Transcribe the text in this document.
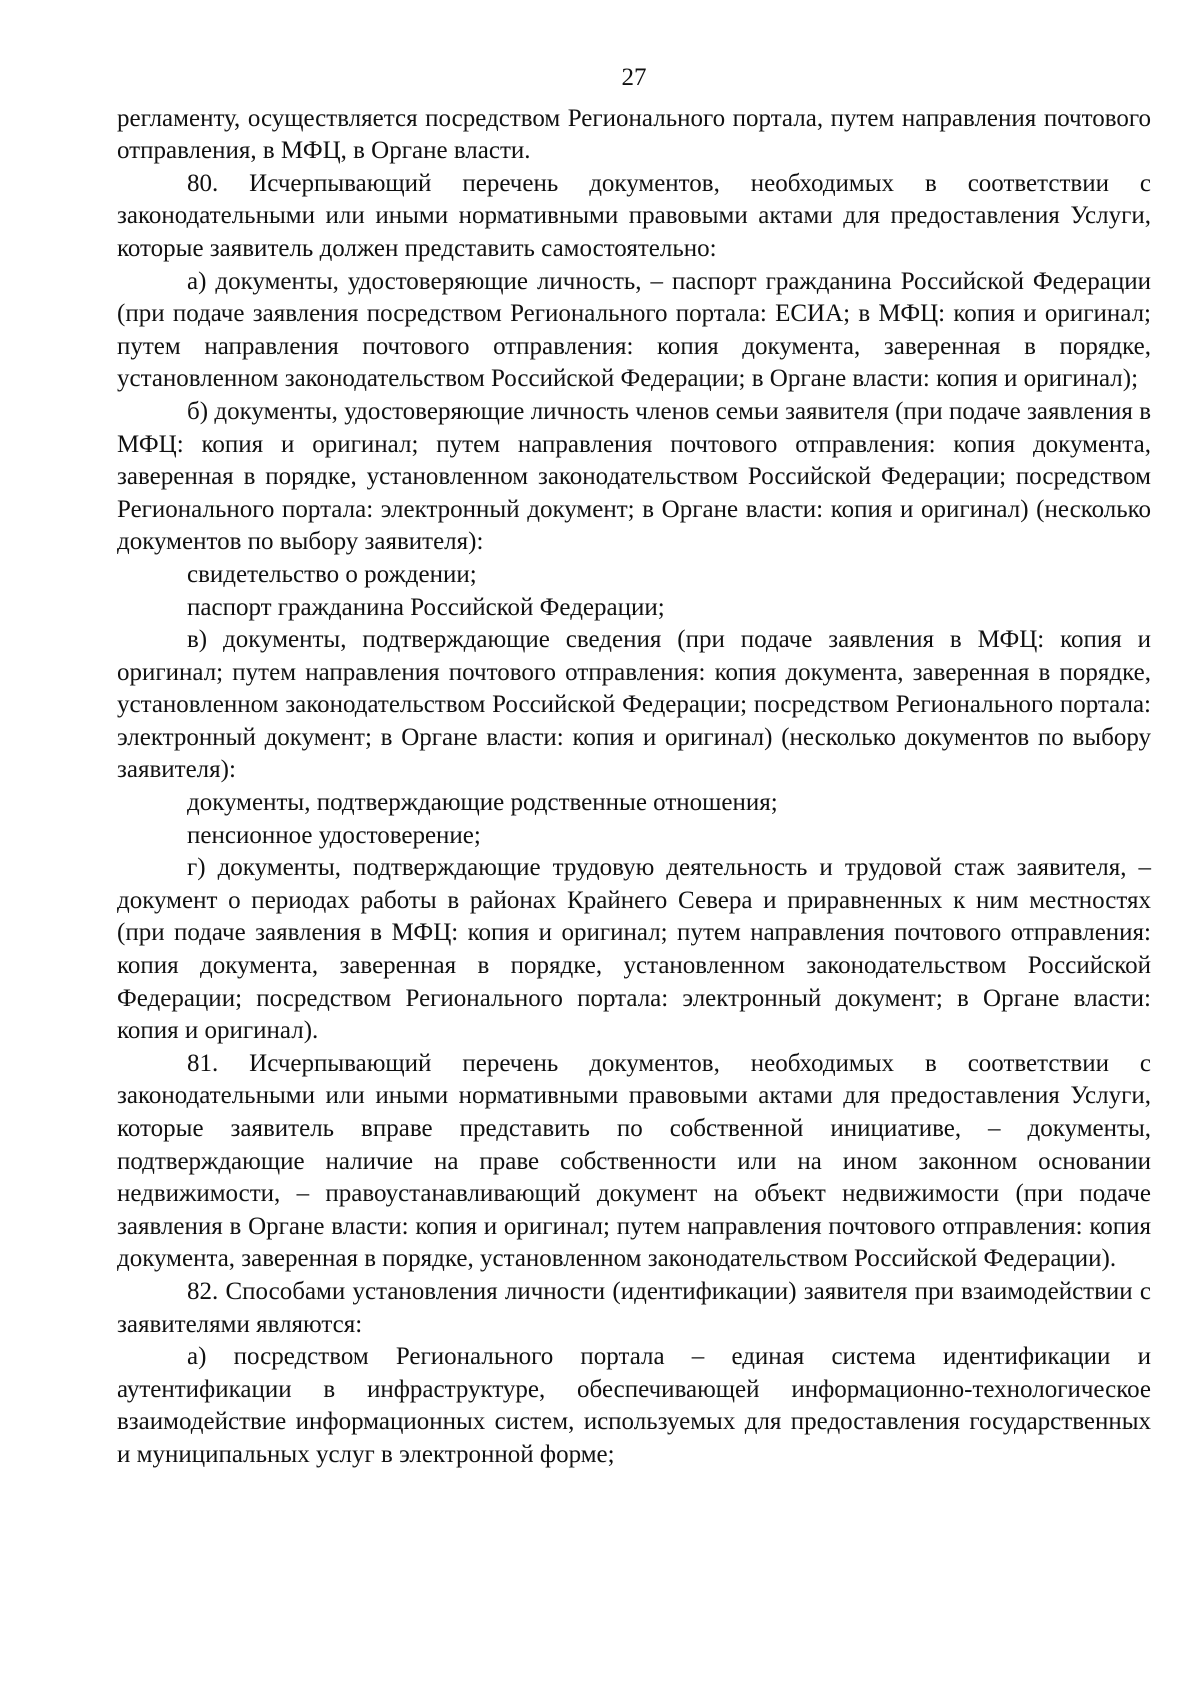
27

регламенту, осуществляется посредством Регионального портала, путем направления почтового отправления, в МФЦ, в Органе власти.

80. Исчерпывающий перечень документов, необходимых в соответствии с законодательными или иными нормативными правовыми актами для предоставления Услуги, которые заявитель должен представить самостоятельно:

а) документы, удостоверяющие личность, – паспорт гражданина Российской Федерации (при подаче заявления посредством Регионального портала: ЕСИА; в МФЦ: копия и оригинал; путем направления почтового отправления: копия документа, заверенная в порядке, установленном законодательством Российской Федерации; в Органе власти: копия и оригинал);

б) документы, удостоверяющие личность членов семьи заявителя (при подаче заявления в МФЦ: копия и оригинал; путем направления почтового отправления: копия документа, заверенная в порядке, установленном законодательством Российской Федерации; посредством Регионального портала: электронный документ; в Органе власти: копия и оригинал) (несколько документов по выбору заявителя):

свидетельство о рождении;

паспорт гражданина Российской Федерации;

в) документы, подтверждающие сведения (при подаче заявления в МФЦ: копия и оригинал; путем направления почтового отправления: копия документа, заверенная в порядке, установленном законодательством Российской Федерации; посредством Регионального портала: электронный документ; в Органе власти: копия и оригинал) (несколько документов по выбору заявителя):

документы, подтверждающие родственные отношения;

пенсионное удостоверение;

г) документы, подтверждающие трудовую деятельность и трудовой стаж заявителя, – документ о периодах работы в районах Крайнего Севера и приравненных к ним местностях (при подаче заявления в МФЦ: копия и оригинал; путем направления почтового отправления: копия документа, заверенная в порядке, установленном законодательством Российской Федерации; посредством Регионального портала: электронный документ; в Органе власти: копия и оригинал).

81. Исчерпывающий перечень документов, необходимых в соответствии с законодательными или иными нормативными правовыми актами для предоставления Услуги, которые заявитель вправе представить по собственной инициативе, – документы, подтверждающие наличие на праве собственности или на ином законном основании недвижимости, – правоустанавливающий документ на объект недвижимости (при подаче заявления в Органе власти: копия и оригинал; путем направления почтового отправления: копия документа, заверенная в порядке, установленном законодательством Российской Федерации).

82. Способами установления личности (идентификации) заявителя при взаимодействии с заявителями являются:

а) посредством Регионального портала – единая система идентификации и аутентификации в инфраструктуре, обеспечивающей информационно-технологическое взаимодействие информационных систем, используемых для предоставления государственных и муниципальных услуг в электронной форме;
